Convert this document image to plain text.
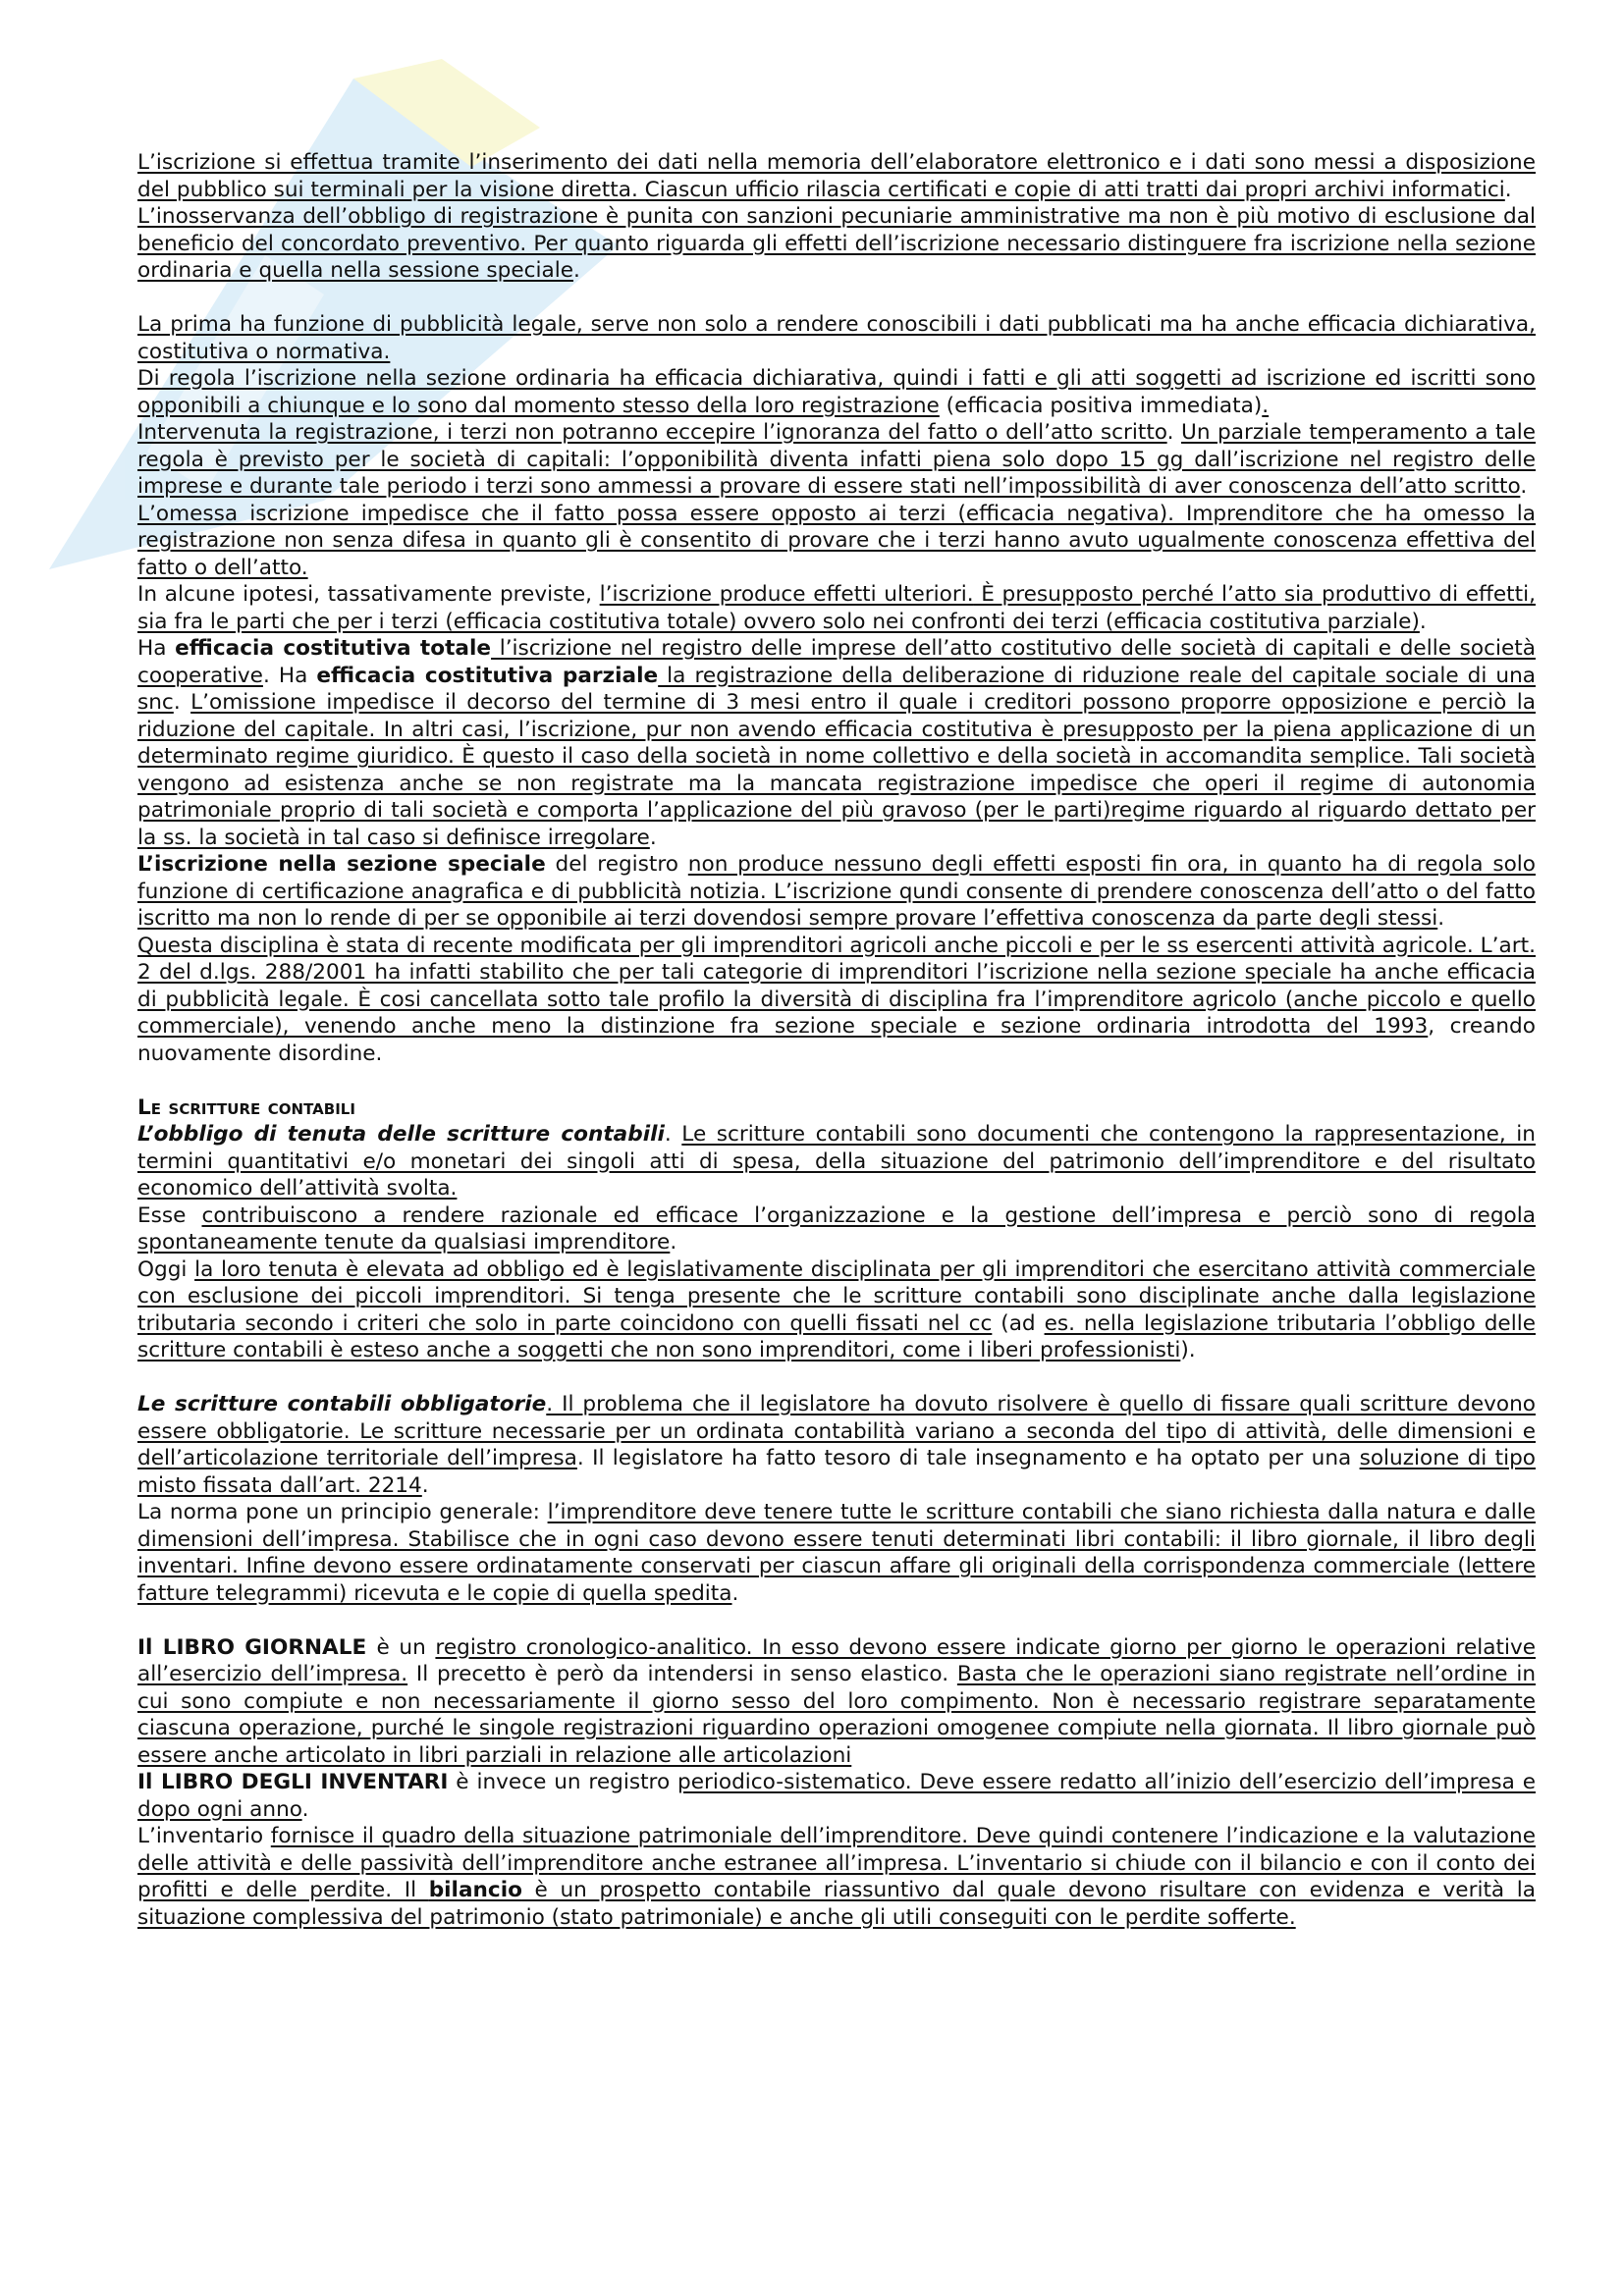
L’iscrizione si effettua tramite l’inserimento dei dati nella memoria dell’elaboratore elettronico e i dati sono messi a disposizione del pubblico sui terminali per la visione diretta. Ciascun ufficio rilascia certificati e copie di atti tratti dai propri archivi informatici.

L’inosservanza dell’obbligo di registrazione è punita con sanzioni pecuniarie amministrative ma non è più motivo di esclusione dal beneficio del concordato preventivo. Per quanto riguarda gli effetti dell’iscrizione necessario distinguere fra iscrizione nella sezione ordinaria e quella nella sessione speciale.

La prima ha funzione di pubblicità legale, serve non solo a rendere conoscibili i dati pubblicati ma ha anche efficacia dichiarativa, costitutiva o normativa.

Di regola l’iscrizione nella sezione ordinaria ha efficacia dichiarativa, quindi i fatti e gli atti soggetti ad iscrizione ed iscritti sono opponibili a chiunque e lo sono dal momento stesso della loro registrazione (efficacia positiva immediata).

Intervenuta la registrazione, i terzi non potranno eccepire l’ignoranza del fatto o dell’atto scritto. Un parziale temperamento a tale regola è previsto per le società di capitali: l’opponibilità diventa infatti piena solo dopo 15 gg dall’iscrizione nel registro delle imprese e durante tale periodo i terzi sono ammessi a provare di essere stati nell’impossibilità di aver conoscenza dell’atto scritto.

L’omessa iscrizione impedisce che il fatto possa essere opposto ai terzi (efficacia negativa). Imprenditore che ha omesso la registrazione non senza difesa in quanto gli è consentito di provare che i terzi hanno avuto ugualmente conoscenza effettiva del fatto o dell’atto.

In alcune ipotesi, tassativamente previste, l’iscrizione produce effetti ulteriori. È presupposto perché l’atto sia produttivo di effetti, sia fra le parti che per i terzi (efficacia costitutiva totale) ovvero solo nei confronti dei terzi (efficacia costitutiva parziale).

Ha efficacia costitutiva totale l’iscrizione nel registro delle imprese dell’atto costitutivo delle società di capitali e delle società cooperative. Ha efficacia costitutiva parziale la registrazione della deliberazione di riduzione reale del capitale sociale di una snc. L’omissione impedisce il decorso del termine di 3 mesi entro il quale i creditori possono proporre opposizione e perciò la riduzione del capitale. In altri casi, l’iscrizione, pur non avendo efficacia costitutiva è presupposto per la piena applicazione di un determinato regime giuridico. È questo il caso della società in nome collettivo e della società in accomandita semplice. Tali società vengono ad esistenza anche se non registrate ma la mancata registrazione impedisce che operi il regime di autonomia patrimoniale proprio di tali società e comporta l’applicazione del più gravoso (per le parti)regime riguardo al riguardo dettato per la ss. la società in tal caso si definisce irregolare.

L’iscrizione nella sezione speciale del registro non produce nessuno degli effetti esposti fin ora, in quanto ha di regola solo funzione di certificazione anagrafica e di pubblicità notizia. L’iscrizione qundi consente di prendere conoscenza dell’atto o del fatto iscritto ma non lo rende di per se opponibile ai terzi dovendosi sempre provare l’effettiva conoscenza da parte degli stessi.

Questa disciplina è stata di recente modificata per gli imprenditori agricoli anche piccoli e per le ss esercenti attività agricole. L’art. 2 del d.lgs. 288/2001 ha infatti stabilito che per tali categorie di imprenditori l’iscrizione nella sezione speciale ha anche efficacia di pubblicità legale. È cosi cancellata sotto tale profilo la diversità di disciplina fra l’imprenditore agricolo (anche piccolo e quello commerciale), venendo anche meno la distinzione fra sezione speciale e sezione ordinaria introdotta del 1993, creando nuovamente disordine.

Le scritture contabili

L’obbligo di tenuta delle scritture contabili. Le scritture contabili sono documenti che contengono la rappresentazione, in termini quantitativi e/o monetari dei singoli atti di spesa, della situazione del patrimonio dell’imprenditore e del risultato economico dell’attività svolta.

Esse contribuiscono a rendere razionale ed efficace l’organizzazione e la gestione dell’impresa e perciò sono di regola spontaneamente tenute da qualsiasi imprenditore.

Oggi la loro tenuta è elevata ad obbligo ed è legislativamente disciplinata per gli imprenditori che esercitano attività commerciale con esclusione dei piccoli imprenditori. Si tenga presente che le scritture contabili sono disciplinate anche dalla legislazione tributaria secondo i criteri che solo in parte coincidono con quelli fissati nel cc (ad es. nella legislazione tributaria l’obbligo delle scritture contabili è esteso anche a soggetti che non sono imprenditori, come i liberi professionisti).

Le scritture contabili obbligatorie. Il problema che il legislatore ha dovuto risolvere è quello di fissare quali scritture devono essere obbligatorie. Le scritture necessarie per un ordinata contabilità variano a seconda del tipo di attività, delle dimensioni e dell’articolazione territoriale dell’impresa. Il legislatore ha fatto tesoro di tale insegnamento e ha optato per una soluzione di tipo misto fissata dall’art. 2214.

La norma pone un principio generale: l’imprenditore deve tenere tutte le scritture contabili che siano richiesta dalla natura e dalle dimensioni dell’impresa. Stabilisce che in ogni caso devono essere tenuti determinati libri contabili: il libro giornale, il libro degli inventari. Infine devono essere ordinatamente conservati per ciascun affare gli originali della corrispondenza commerciale (lettere fatture telegrammi) ricevuta e le copie di quella spedita.

Il LIBRO GIORNALE è un registro cronologico-analitico. In esso devono essere indicate giorno per giorno le operazioni relative all’esercizio dell’impresa. Il precetto è però da intendersi in senso elastico. Basta che le operazioni siano registrate nell’ordine in cui sono compiute e non necessariamente il giorno sesso del loro compimento. Non è necessario registrare separatamente ciascuna operazione, purché le singole registrazioni riguardino operazioni omogenee compiute nella giornata. Il libro giornale può essere anche articolato in libri parziali in relazione alle articolazioni

Il LIBRO DEGLI INVENTARI è invece un registro periodico-sistematico. Deve essere redatto all’inizio dell’esercizio dell’impresa e dopo ogni anno.

L’inventario fornisce il quadro della situazione patrimoniale dell’imprenditore. Deve quindi contenere l’indicazione e la valutazione delle attività e delle passività dell’imprenditore anche estranee all’impresa. L’inventario si chiude con il bilancio e con il conto dei profitti e delle perdite. Il bilancio è un prospetto contabile riassuntivo dal quale devono risultare con evidenza e verità la situazione complessiva del patrimonio (stato patrimoniale) e anche gli utili conseguiti con le perdite sofferte.
